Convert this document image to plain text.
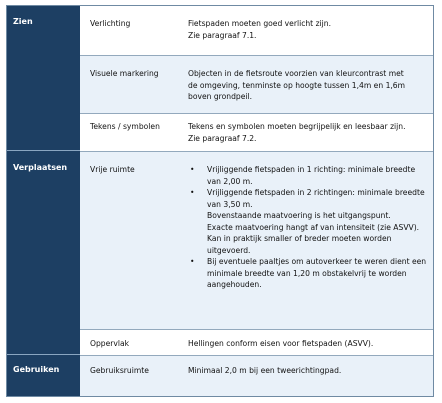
Zien
Verplaatsen
Gebruiken
Verlichting	Fietspaden moeten goed verlicht zijn.

Zie paragraaf 7.1.

Visuele markering	Objecten in de fietsroute voorzien van kleurcontrast met

de omgeving, tenminste op hoogte tussen 1,4m en 1,6m

boven grondpeil.

Tekens / symbolen	Tekens en symbolen moeten begrijpelijk en leesbaar zijn.

Zie paragraaf 7.2.

Vrije ruimte
•	Vrijliggende fietspaden in 1 richting: minimale breedte van 2,00 m.
• Vrijliggende fietspaden in 2 richtingen: minimale breedte van 3,50 m.
Bovenstaande maatvoering is het uitgangspunt.
Exacte maatvoering hangt af van intensiteit (zie ASVV).
Kan in praktijk smaller of breder moeten worden uitgevoerd.
• Bij eventuele paaltjes om autoverkeer te weren dient een minimale breedte van 1,20 m obstakelvrij te worden aangehouden.
Oppervlak	Hellingen conform eisen voor fietspaden (ASVV).

Gebruiksruimte	Minimaal 2,0 m bij een tweerichtingpad.
